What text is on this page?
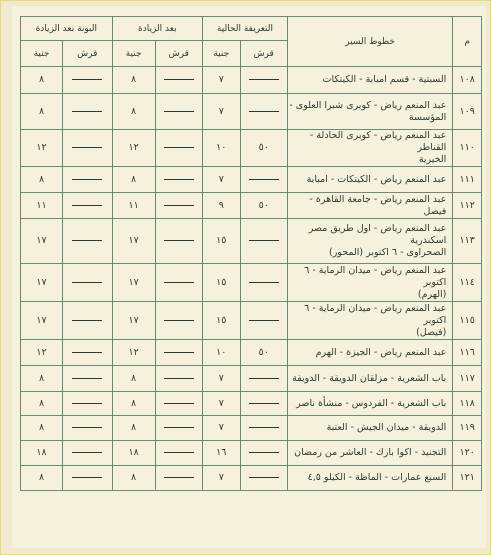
م	خطوط السير	التعريفة الحالية		بعد الزيادة		البونة بعد الزيادة	
		قرش	جنية	قرش	جنية	قرش	جنية
١٠٨	السبتية - قسم امبابة - الكيتكات		٧		٨		٨
١٠٩	عبد المنعم رياض - كوبرى شبرا العلوى -
المؤسسة		٧		٨		٨
١١٠	عبد المنعم رياض - كوبرى الحادلة - القناطر
الخيرية	٥٠	١٠		١٢		١٢
١١١	عبد المنعم رياض - الكيتكات - امبابة		٧		٨		٨
١١٢	عبد المنعم رياض - جامعة القاهرة - فيصل	٥٠	٩		١١		١١
١١٣	عبد المنعم رياض - اول طريق مصر اسكندرية
الصحراوى - ٦ اكتوبر (المحور)		١٥		١٧		١٧
١١٤	عبد المنعم رياض - ميدان الرماية - ٦ اكتوبر
(الهرم)		١٥		١٧		١٧
١١٥	عبد المنعم رياض - ميدان الرماية - ٦ اكتوبر
(فيصل)		١٥		١٧		١٧
١١٦	عبد المنعم رياض - الجيزة - الهرم	٥٠	١٠		١٢		١٢
١١٧	باب الشعرية - مزلقان الدويقة - الدويقة		٧		٨		٨
١١٨	باب الشعرية - الفردوس - منشأة ناصر		٧		٨		٨
١١٩	الدويقة - ميدان الجيش - العتبة		٧		٨		٨
١٢٠	التجنيد - اكوا بارك - العاشر من رمضان		١٦		١٨		١٨
١٢١	السبع عمارات - الماظة - الكيلو ٤,٥		٧		٨		٨
